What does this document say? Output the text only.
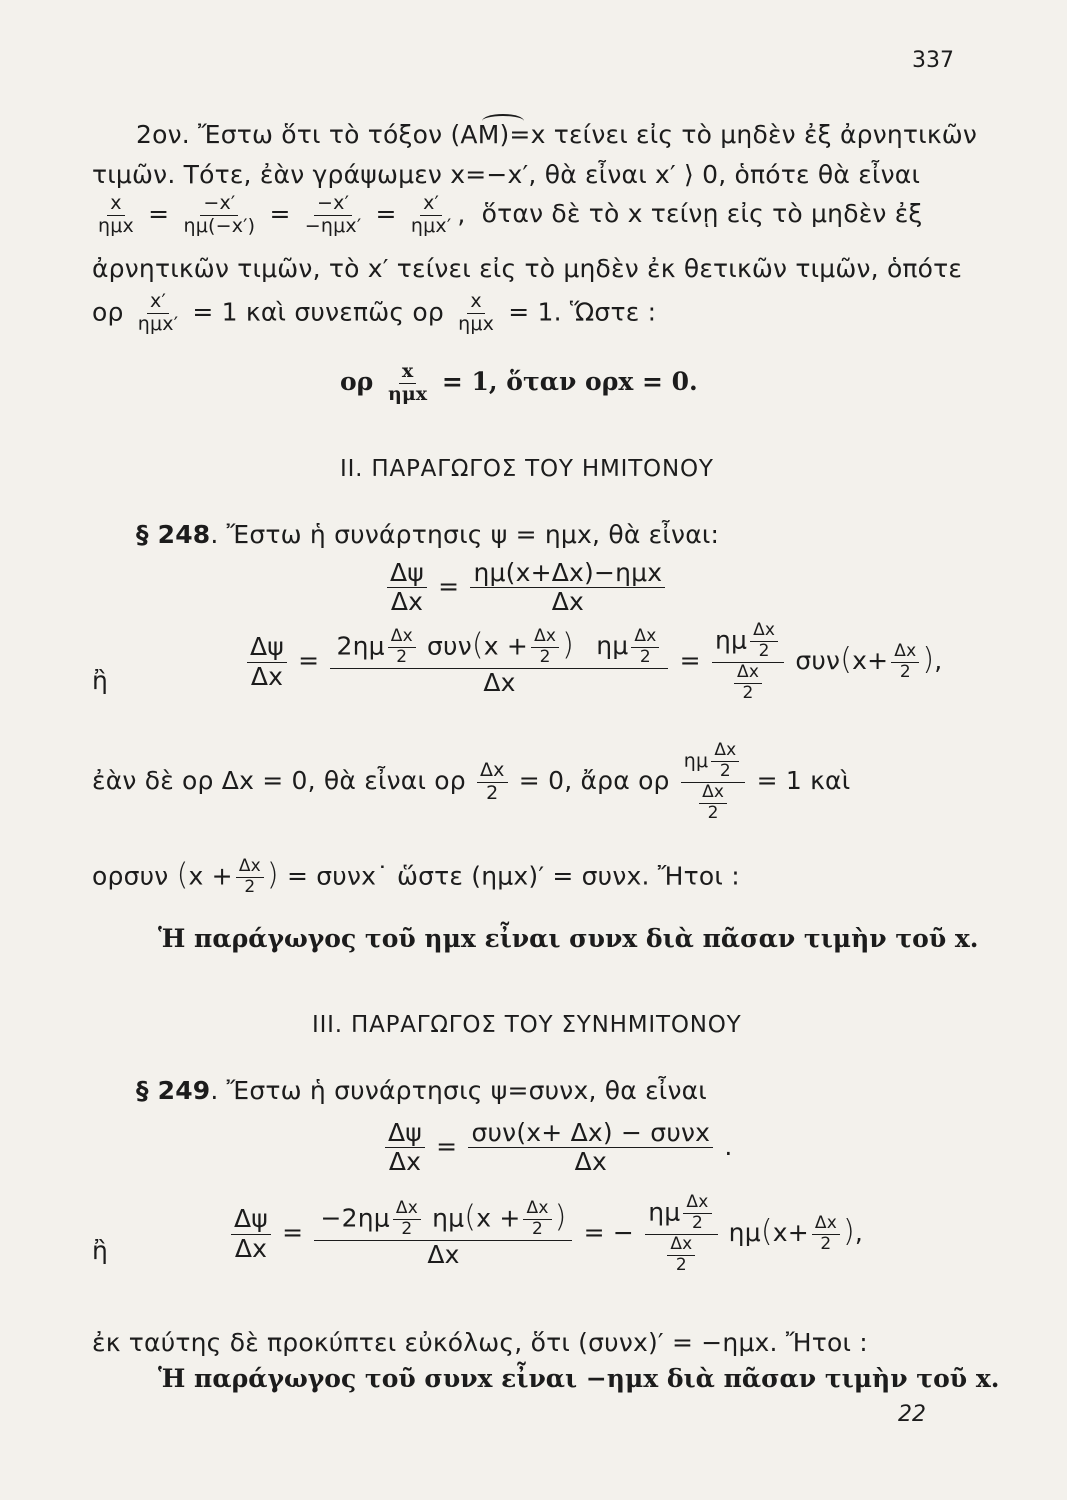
337
2ον. Ἔστω ὅτι τὸ τόξον (ΑΜ)=x τείνει εἰς τὸ μηδὲν ἐξ ἀρνητικῶν
τιμῶν. Τότε, ἐὰν γράψωμεν x=−x′, θὰ εἶναι x′ ⟩ 0, ὁπότε θὰ εἶναι
$\frac{x}{\text{ημx}} = \frac{-x'}{\eta\mu(-x')} = \frac{-x'}{\text{−ημx′}} = \frac{x'}{\text{ημx′}}$ , ὅταν δὲ τὸ x τείνῃ εἰς τὸ μηδὲν ἐξ
ἀρνητικῶν τιμῶν, τὸ x′ τείνει εἰς τὸ μηδὲν ἐκ θετικῶν τιμῶν, ὁπότε
ορ $\frac{x'}{\text{ημx′}} = 1$ καὶ συνεπῶς ορ $\frac{x}{\text{ημx}} = 1$. Ὥστε :
ορ $\frac{x}{\text{ημx}} = 1$, ὅταν ορx = 0.
II. ΠΑΡΑΓΩΓΟΣ ΤΟΥ ΗΜΙΤΟΝΟΥ
§ 248. Ἔστω ἡ συνάρτησις ψ = ημx, θὰ εἶναι:
$\frac{\Delta\psi}{\Delta x} = \frac{\text{ημ(x+Δx)−ημx}}{\Delta x}$
ἢ	$\frac{\Delta\psi}{\Delta x} = \frac{2\eta\mu \frac{\Delta x}{2} \sigma\upsilon\nu(x + \frac{\Delta x}{2} ) \eta\mu \frac{\Delta x}{2}}{\Delta x} = \frac{\eta\mu \frac{\Delta x}{2}}{\frac{\Delta x}{2}} \sigma\upsilon\nu(x+ \frac{\Delta x}{2}$ ),
ἐὰν δὲ ορ Δx = 0, θὰ εἶναι ορ $\frac{\Delta x}{2} = 0$, ἄρα ορ $\frac{\eta\mu \frac{\Delta x}{2}}{\frac{\Delta x}{2}} = 1$ καὶ
ορσυν ($x + \frac{\Delta x}{2}$ ) = συνx˙ ὥστε (ημx)′ = συνx. Ἤτοι :
Ἡ παράγωγος τοῦ ημx εἶναι συνx διὰ πᾶσαν τιμὴν τοῦ x.
III. ΠΑΡΑΓΩΓΟΣ ΤΟΥ ΣΥΝΗΜΙΤΟΝΟΥ
§ 249. Ἔστω ἡ συνάρτησις ψ=συνx, θα εἶναι
$\frac{\Delta\psi}{\Delta x} = \frac{\text{συν(x+ Δx) − συνx}}{\Delta x}$ .
ἢ	$\frac{\Delta\psi}{\Delta x} = \frac{-2\eta\mu \frac{\Delta x}{2} \eta\mu(x + \frac{\Delta x}{2} )}{\Delta x}$ = − $\frac{\eta\mu \frac{\Delta x}{2}}{\frac{\Delta x}{2}} \eta\mu(x+ \frac{\Delta x}{2}$ ),
ἐκ ταύτης δὲ προκύπτει εὐκόλως, ὅτι (συνx)′ = −ημx. Ἤτοι :
Ἡ παράγωγος τοῦ συνx εἶναι −ημx διὰ πᾶσαν τιμὴν τοῦ x.
22
